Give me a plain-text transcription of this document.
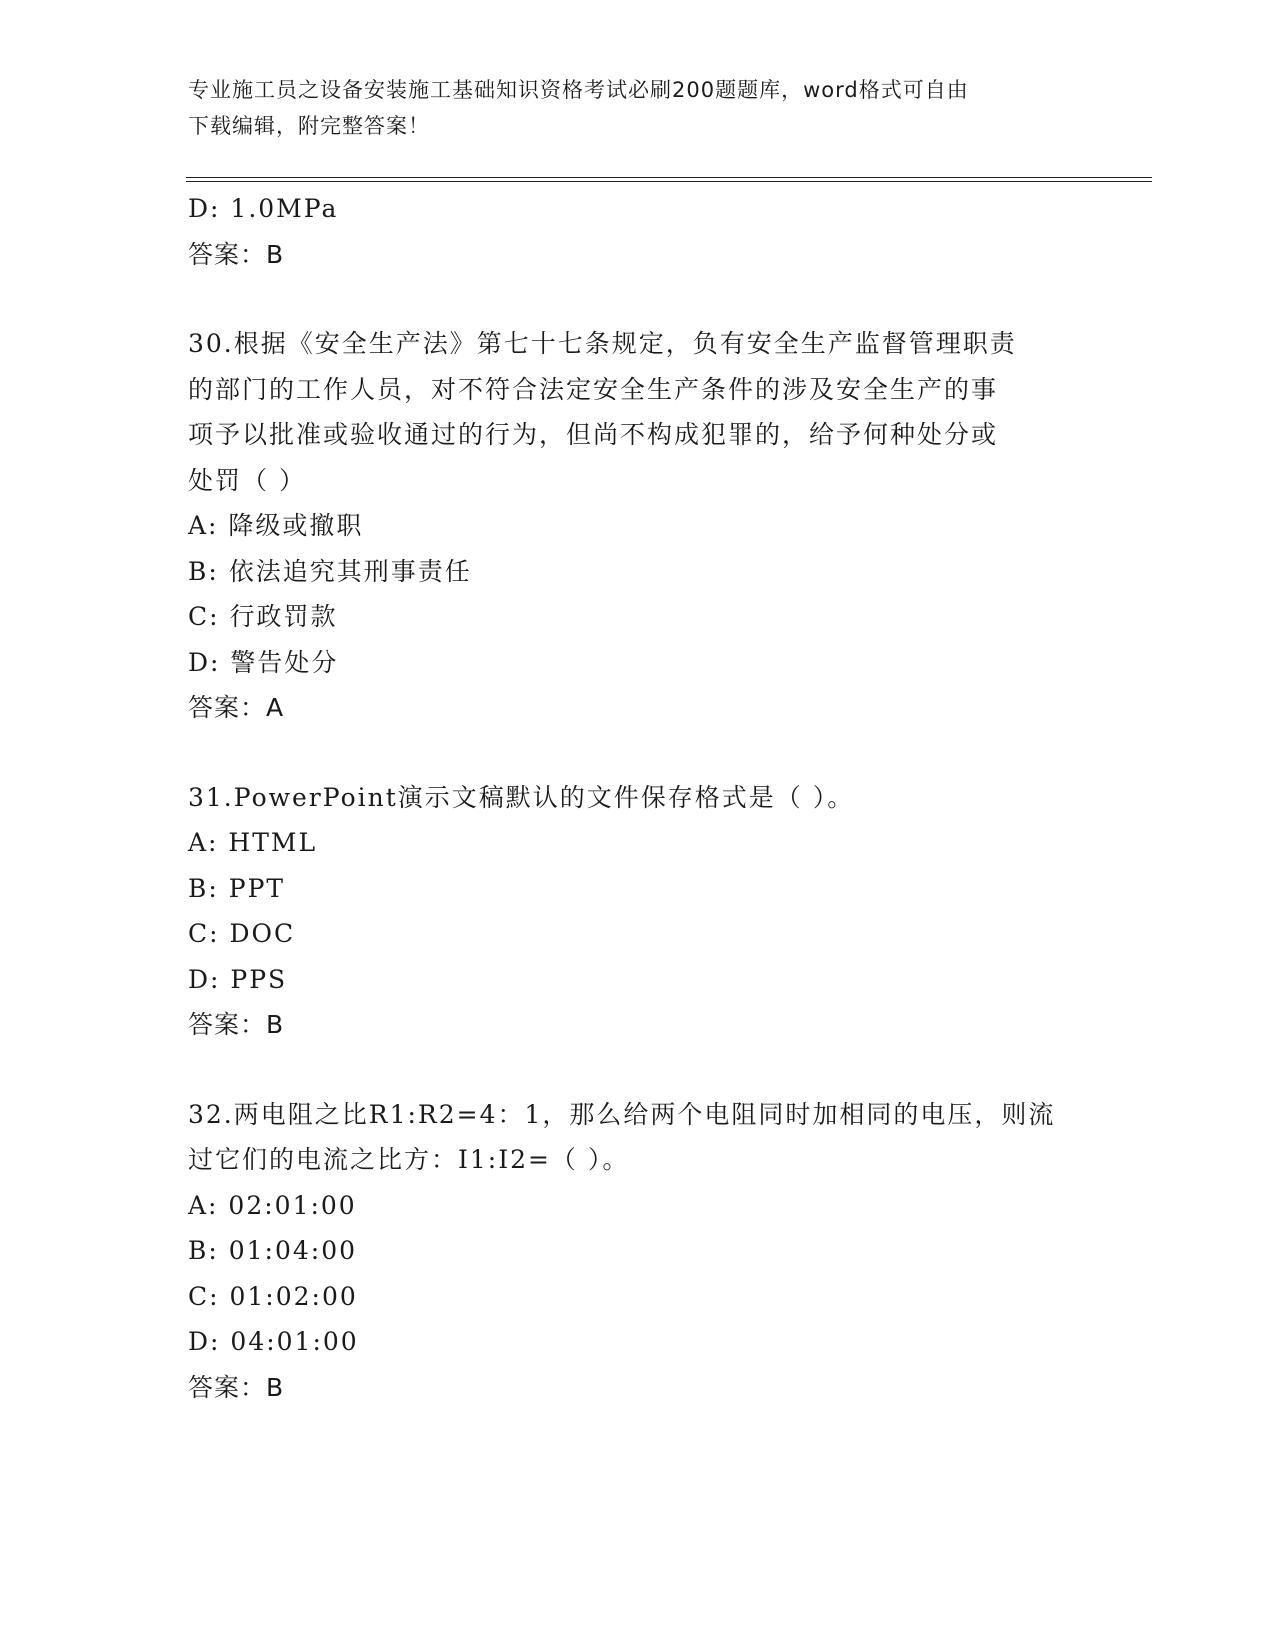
专业施工员之设备安装施工基础知识资格考试必刷200题题库，word格式可自由
下载编辑，附完整答案！
D: 1.0MPa
答案：B
30.根据《安全生产法》第七十七条规定，负有安全生产监督管理职责
的部门的工作人员，对不符合法定安全生产条件的涉及安全生产的事
项予以批准或验收通过的行为，但尚不构成犯罪的，给予何种处分或
处罚（ ）
A: 降级或撤职
B: 依法追究其刑事责任
C: 行政罚款
D: 警告处分
答案：A
31.PowerPoint演示文稿默认的文件保存格式是（ ）。
A: HTML
B: PPT
C: DOC
D: PPS
答案：B
32.两电阻之比R1:R2=4：1，那么给两个电阻同时加相同的电压，则流
过它们的电流之比方：I1:I2=（ ）。
A: 02:01:00
B: 01:04:00
C: 01:02:00
D: 04:01:00
答案：B
